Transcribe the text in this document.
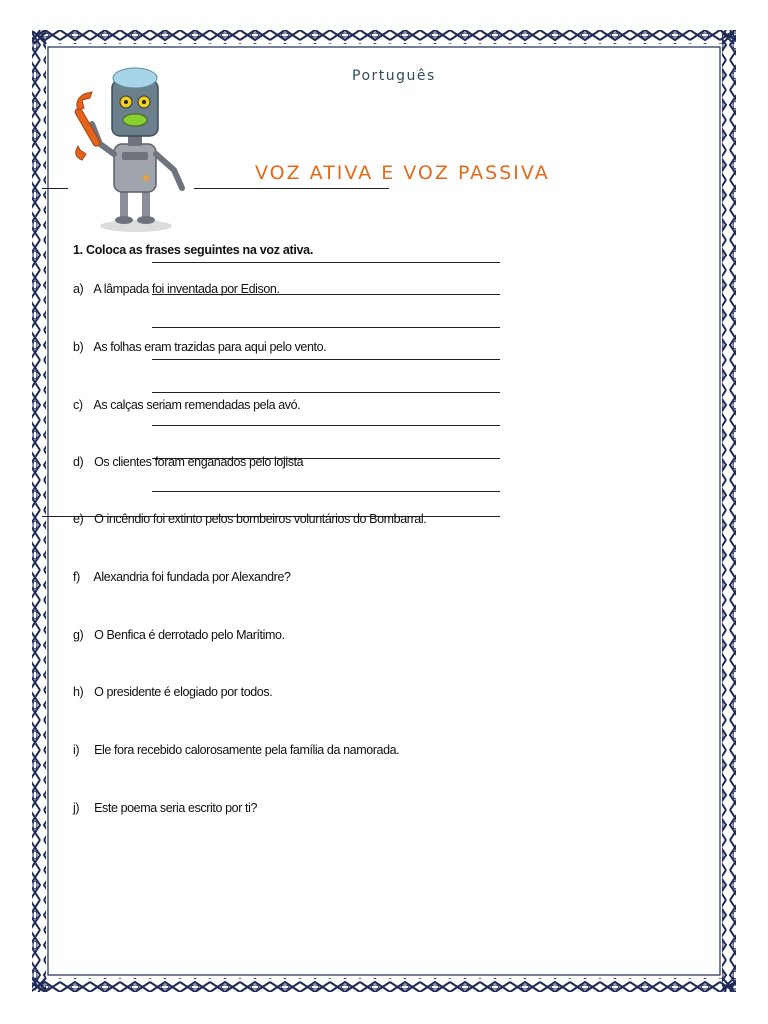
Português
VOZ ATIVA E VOZ PASSIVA
1. Coloca as frases seguintes na voz ativa.
a) A lâmpada foi inventada por Edison.
b) As folhas eram trazidas para aqui pelo vento.
c) As calças seriam remendadas pela avó.
d) Os clientes foram enganados pelo lojista
e) O incêndio foi extinto pelos bombeiros voluntários do Bombarral.
f) Alexandria foi fundada por Alexandre?
g) O Benfica é derrotado pelo Marítimo.
h) O presidente é elogiado por todos.
i) Ele fora recebido calorosamente pela família da namorada.
j) Este poema seria escrito por ti?
